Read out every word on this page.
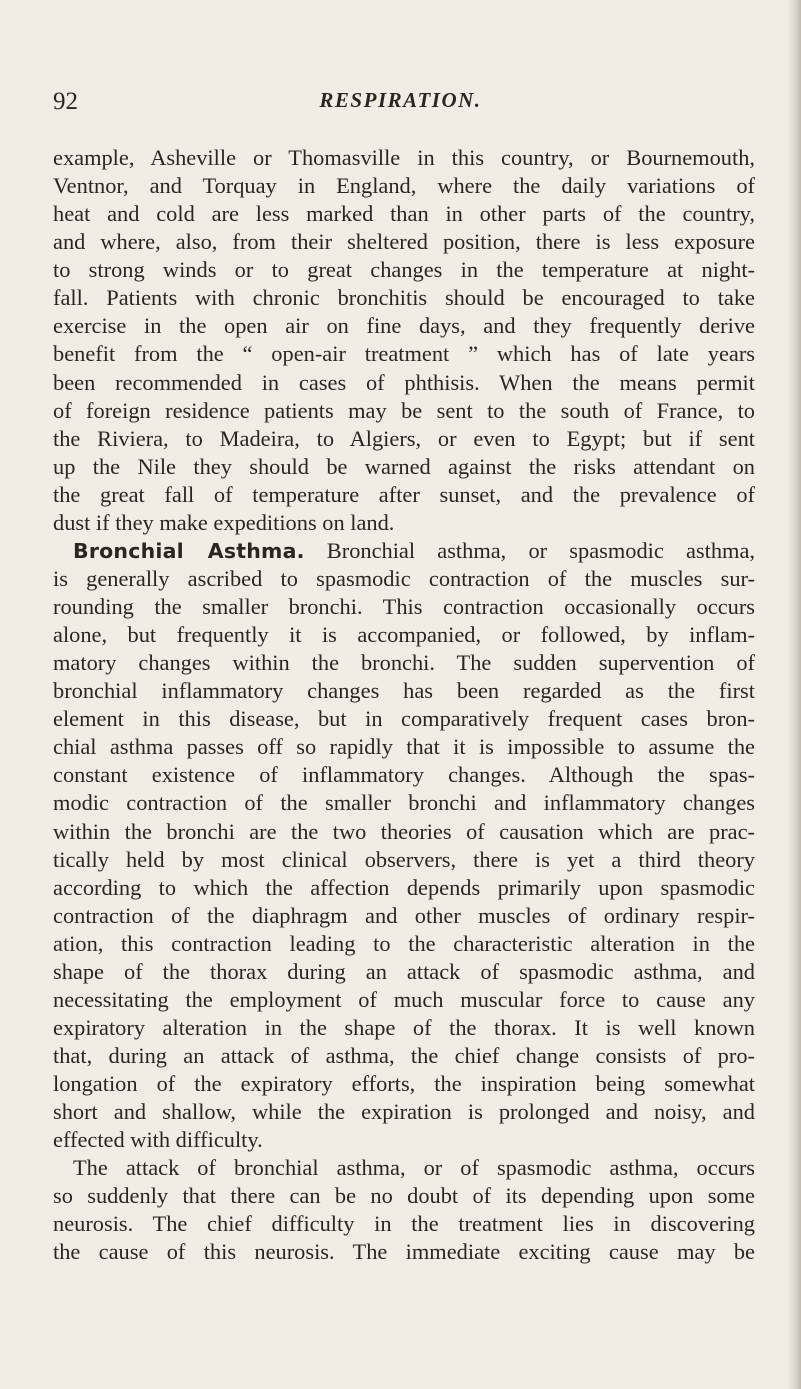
92	RESPIRATION.
example, Asheville or Thomasville in this country, or Bournemouth,
Ventnor, and Torquay in England, where the daily variations of
heat and cold are less marked than in other parts of the country,
and where, also, from their sheltered position, there is less exposure
to strong winds or to great changes in the temperature at night-
fall. Patients with chronic bronchitis should be encouraged to take
exercise in the open air on fine days, and they frequently derive
benefit from the “ open-air treatment ” which has of late years
been recommended in cases of phthisis. When the means permit
of foreign residence patients may be sent to the south of France, to
the Riviera, to Madeira, to Algiers, or even to Egypt; but if sent
up the Nile they should be warned against the risks attendant on
the great fall of temperature after sunset, and the prevalence of
dust if they make expeditions on land.
Bronchial Asthma. Bronchial asthma, or spasmodic asthma,
is generally ascribed to spasmodic contraction of the muscles sur-
rounding the smaller bronchi. This contraction occasionally occurs
alone, but frequently it is accompanied, or followed, by inflam-
matory changes within the bronchi. The sudden supervention of
bronchial inflammatory changes has been regarded as the first
element in this disease, but in comparatively frequent cases bron-
chial asthma passes off so rapidly that it is impossible to assume the
constant existence of inflammatory changes. Although the spas-
modic contraction of the smaller bronchi and inflammatory changes
within the bronchi are the two theories of causation which are prac-
tically held by most clinical observers, there is yet a third theory
according to which the affection depends primarily upon spasmodic
contraction of the diaphragm and other muscles of ordinary respir-
ation, this contraction leading to the characteristic alteration in the
shape of the thorax during an attack of spasmodic asthma, and
necessitating the employment of much muscular force to cause any
expiratory alteration in the shape of the thorax. It is well known
that, during an attack of asthma, the chief change consists of pro-
longation of the expiratory efforts, the inspiration being somewhat
short and shallow, while the expiration is prolonged and noisy, and
effected with difficulty.
The attack of bronchial asthma, or of spasmodic asthma, occurs
so suddenly that there can be no doubt of its depending upon some
neurosis. The chief difficulty in the treatment lies in discovering
the cause of this neurosis. The immediate exciting cause may be
